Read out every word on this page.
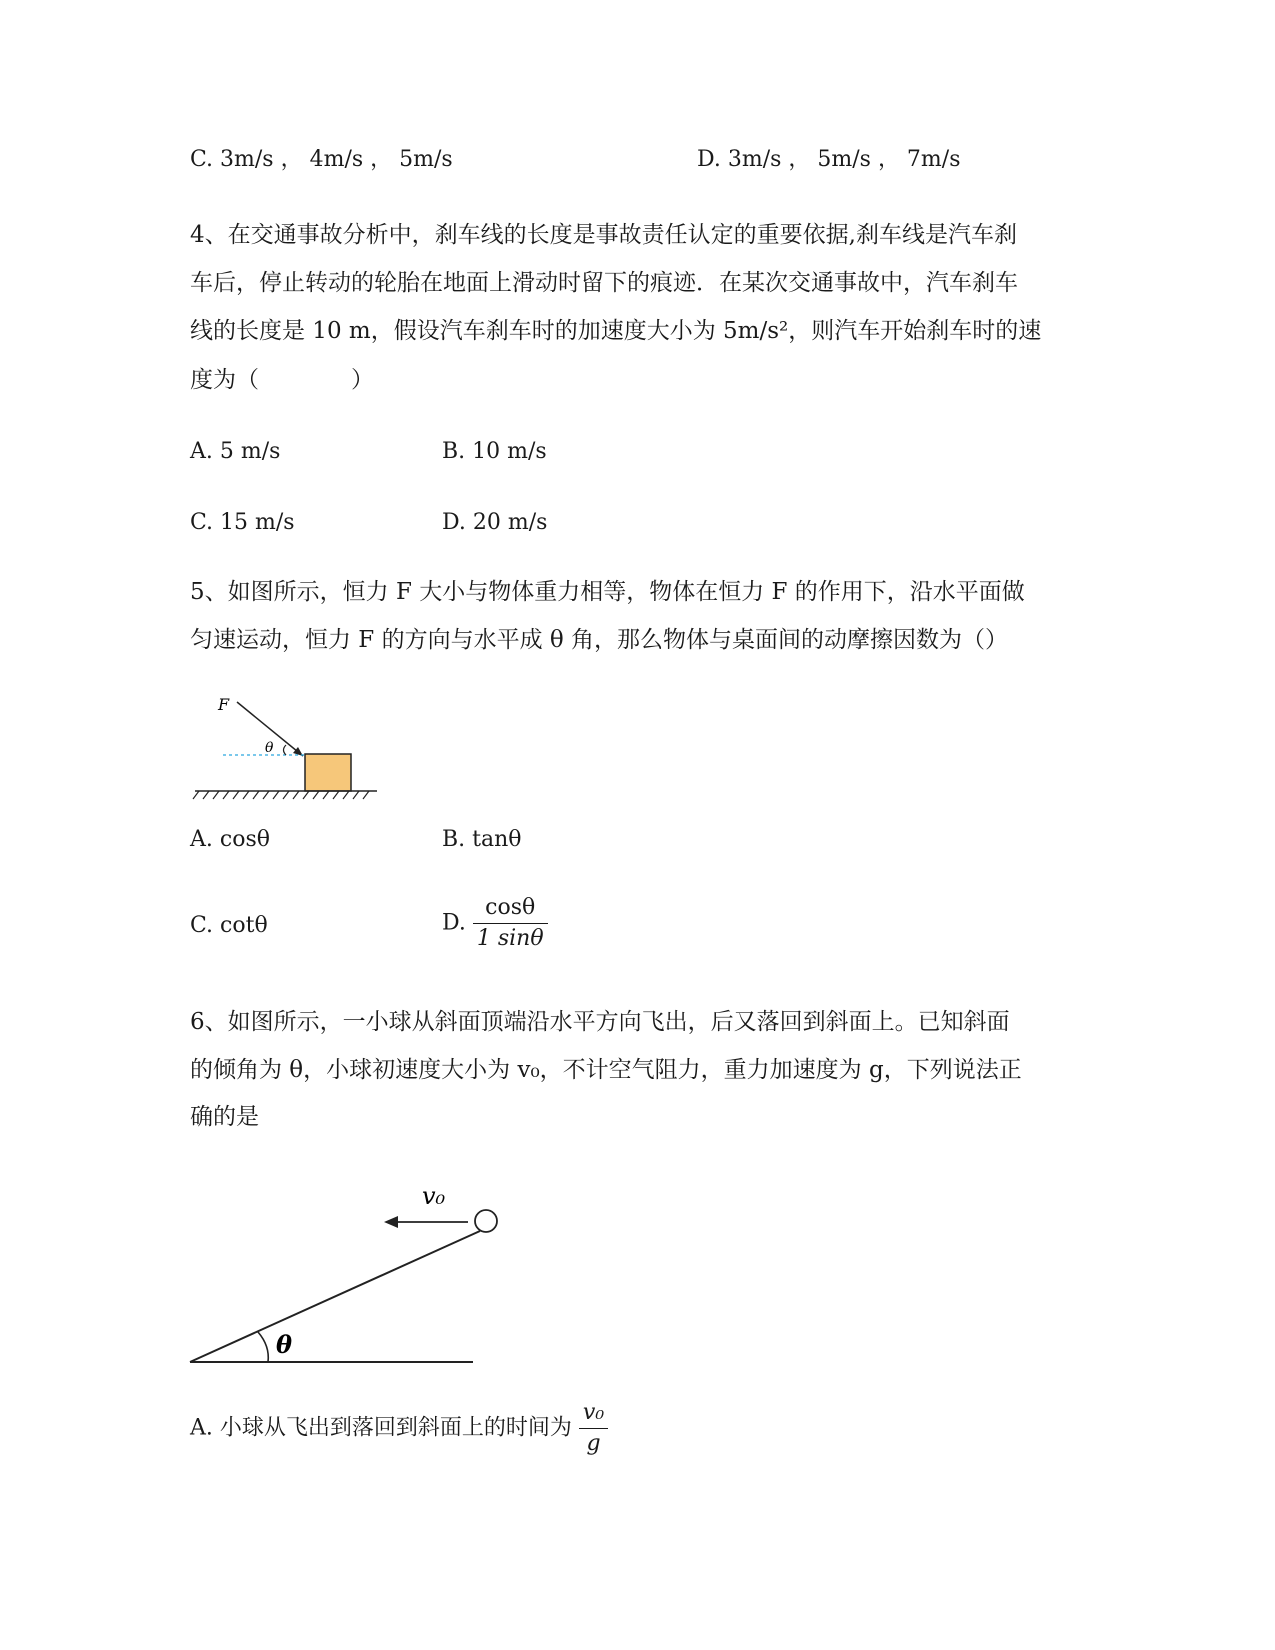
C. 3m/s ， 4m/s ， 5m/s	D. 3m/s ， 5m/s ， 7m/s
4、在交通事故分析中，刹车线的长度是事故责任认定的重要依据,刹车线是汽车刹
车后，停止转动的轮胎在地面上滑动时留下的痕迹．在某次交通事故中，汽车刹车
线的长度是 10 m，假设汽车刹车时的加速度大小为 5m/s²，则汽车开始刹车时的速
度为（　　　　）
A. 5 m/s	B. 10 m/s
C. 15 m/s	D. 20 m/s
5、如图所示，恒力 F 大小与物体重力相等，物体在恒力 F 的作用下，沿水平面做
匀速运动，恒力 F 的方向与水平成 θ 角，那么物体与桌面间的动摩擦因数为（）
F
θ
A. cosθ	B. tanθ
C. cotθ	D. $\frac{\cos\theta}{1 \sin\theta}$
6、如图所示，一小球从斜面顶端沿水平方向飞出，后又落回到斜面上。已知斜面
的倾角为 θ，小球初速度大小为 v₀，不计空气阻力，重力加速度为 g，下列说法正
确的是
v₀
θ
A. 小球从飞出到落回到斜面上的时间为 $\frac{\text{v₀}}{g}$
